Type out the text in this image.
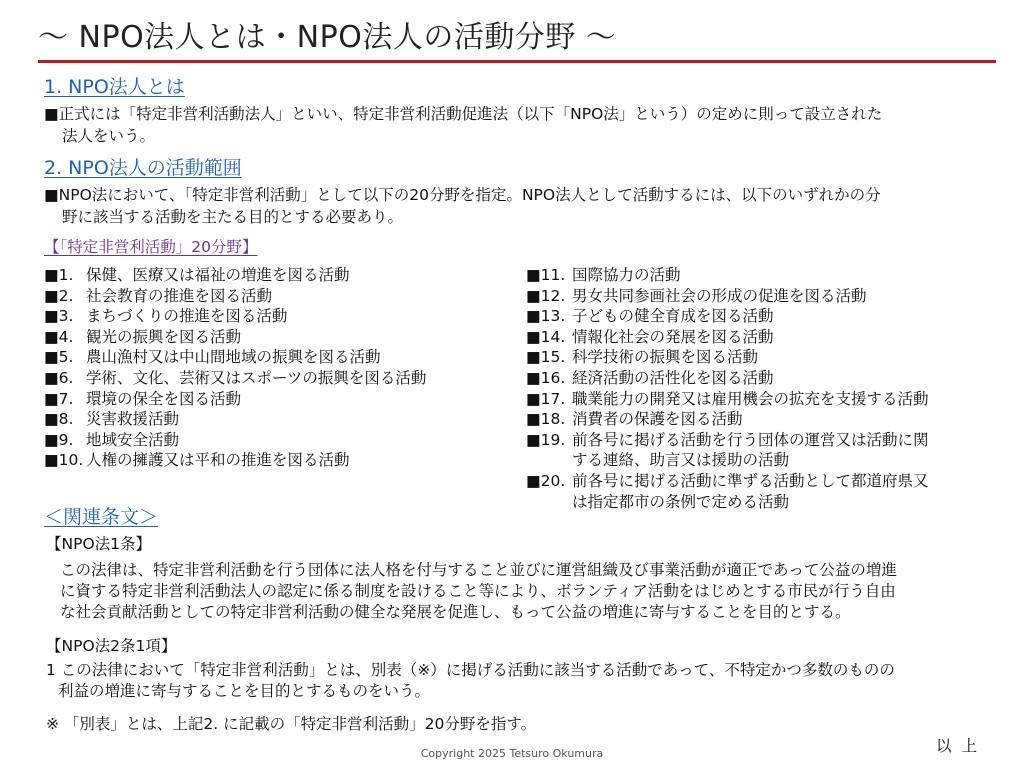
〜 NPO法人とは・NPO法人の活動分野 〜
1. NPO法人とは
■正式には「特定非営利活動法人」といい、特定非営利活動促進法（以下「NPO法」という）の定めに則って設立された
法人をいう。
2. NPO法人の活動範囲
■NPO法において、「特定非営利活動」として以下の20分野を指定。NPO法人として活動するには、以下のいずれかの分
野に該当する活動を主たる目的とする必要あり。
【「特定非営利活動」20分野】
■1. 保健、医療又は福祉の増進を図る活動
■2. 社会教育の推進を図る活動
■3. まちづくりの推進を図る活動
■4. 観光の振興を図る活動
■5. 農山漁村又は中山間地域の振興を図る活動
■6. 学術、文化、芸術又はスポーツの振興を図る活動
■7. 環境の保全を図る活動
■8. 災害救援活動
■9. 地域安全活動
■10. 人権の擁護又は平和の推進を図る活動
■11. 国際協力の活動
■12. 男女共同参画社会の形成の促進を図る活動
■13. 子どもの健全育成を図る活動
■14. 情報化社会の発展を図る活動
■15. 科学技術の振興を図る活動
■16. 経済活動の活性化を図る活動
■17. 職業能力の開発又は雇用機会の拡充を支援する活動
■18. 消費者の保護を図る活動
■19. 前各号に掲げる活動を行う団体の運営又は活動に関
する連絡、助言又は援助の活動
■20. 前各号に掲げる活動に準ずる活動として都道府県又
は指定都市の条例で定める活動
＜関連条文＞
【NPO法1条】
この法律は、特定非営利活動を行う団体に法人格を付与すること並びに運営組織及び事業活動が適正であって公益の増進
に資する特定非営利活動法人の認定に係る制度を設けること等により、ボランティア活動をはじめとする市民が行う自由
な社会貢献活動としての特定非営利活動の健全な発展を促進し、もって公益の増進に寄与することを目的とする。
【NPO法2条1項】
1 この法律において「特定非営利活動」とは、別表（※）に掲げる活動に該当する活動であって、不特定かつ多数のものの
利益の増進に寄与することを目的とするものをいう。
※ 「別表」とは、上記2. に記載の「特定非営利活動」20分野を指す。
以上
Copyright 2025 Tetsuro Okumura
